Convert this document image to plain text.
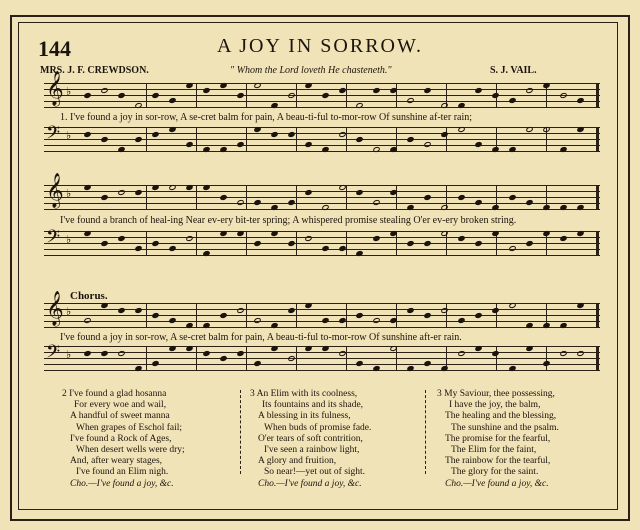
144	A JOY IN SORROW.
MRS. J. F. CREWDSON.	" Whom the Lord loveth He chasteneth."	S. J. VAIL.
𝄞 ♭
1. I've found a joy in sor-row, A se-cret balm for pain, A beau-ti-ful to-mor-row Of sunshine af-ter rain;
𝄢 ♭
𝄞 ♭
I've found a branch of heal-ing Near ev-ery bit-ter spring; A whispered promise stealing O'er ev-ery broken string.
𝄢 ♭
Chorus.
𝄞 ♭
I've found a joy in sor-row, A se-cret balm for pain, A beau-ti-ful to-mor-row Of sunshine aft-er rain.
𝄢 ♭
2 I've found a glad hosanna
For every woe and wail,
A handful of sweet manna
When grapes of Eschol fail;
I've found a Rock of Ages,
When desert wells were dry;
And, after weary stages,
I've found an Elim nigh.
Cho.—I've found a joy, &c.
3 An Elim with its coolness,
Its fountains and its shade,
A blessing in its fulness,
When buds of promise fade.
O'er tears of soft contrition,
I've seen a rainbow light,
A glory and fruition,
So near!—yet out of sight.
Cho.—I've found a joy, &c.
3 My Saviour, thee possessing,
I have the joy, the balm,
The healing and the blessing,
The sunshine and the psalm.
The promise for the fearful,
The Elim for the faint,
The rainbow for the tearful,
The glory for the saint.
Cho.—I've found a joy, &c.
